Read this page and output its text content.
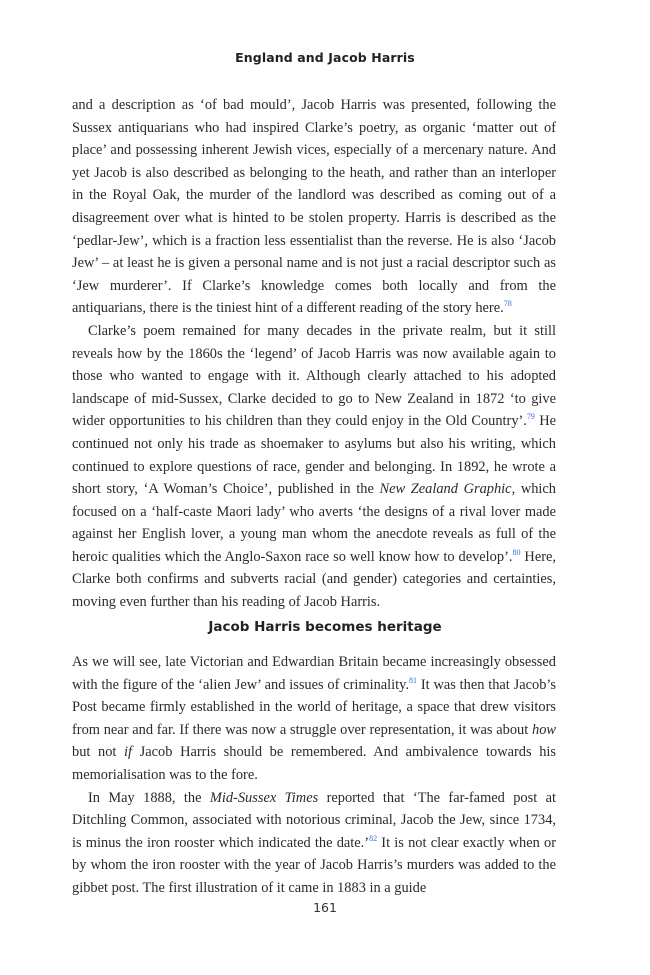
England and Jacob Harris

and a description as ‘of bad mould’, Jacob Harris was presented, following the Sussex antiquarians who had inspired Clarke’s poetry, as organic ‘matter out of place’ and possessing inherent Jewish vices, especially of a mercenary nature. And yet Jacob is also described as belonging to the heath, and rather than an interloper in the Royal Oak, the murder of the landlord was described as coming out of a disagreement over what is hinted to be stolen property. Harris is described as the ‘pedlar-Jew’, which is a fraction less essentialist than the reverse. He is also ‘Jacob Jew’ – at least he is given a personal name and is not just a racial descriptor such as ‘Jew murderer’. If Clarke’s knowledge comes both locally and from the antiquarians, there is the tiniest hint of a different reading of the story here.$^{78}$

Clarke’s poem remained for many decades in the private realm, but it still reveals how by the 1860s the ‘legend’ of Jacob Harris was now available again to those who wanted to engage with it. Although clearly attached to his adopted landscape of mid-Sussex, Clarke decided to go to New Zealand in 1872 ‘to give wider opportunities to his children than they could enjoy in the Old Country’.$^{79}$ He continued not only his trade as shoemaker to asylums but also his writing, which continued to explore questions of race, gender and belonging. In 1892, he wrote a short story, ‘A Woman’s Choice’, published in the New Zealand Graphic, which focused on a ‘half-caste Maori lady’ who averts ‘the designs of a rival lover made against her English lover, a young man whom the anecdote reveals as full of the heroic qualities which the Anglo-Saxon race so well know how to develop’.$^{80}$ Here, Clarke both confirms and subverts racial (and gender) categories and certainties, moving even further than his reading of Jacob Harris.

Jacob Harris becomes heritage

As we will see, late Victorian and Edwardian Britain became increasingly obsessed with the figure of the ‘alien Jew’ and issues of criminality.$^{81}$ It was then that Jacob’s Post became firmly established in the world of heritage, a space that drew visitors from near and far. If there was now a struggle over representation, it was about how but not if Jacob Harris should be remembered. And ambivalence towards his memorialisation was to the fore.

In May 1888, the Mid-Sussex Times reported that ‘The far-famed post at Ditchling Common, associated with notorious criminal, Jacob the Jew, since 1734, is minus the iron rooster which indicated the date.’$^{82}$ It is not clear exactly when or by whom the iron rooster with the year of Jacob Harris’s murders was added to the gibbet post. The first illustration of it came in 1883 in a guide

161
